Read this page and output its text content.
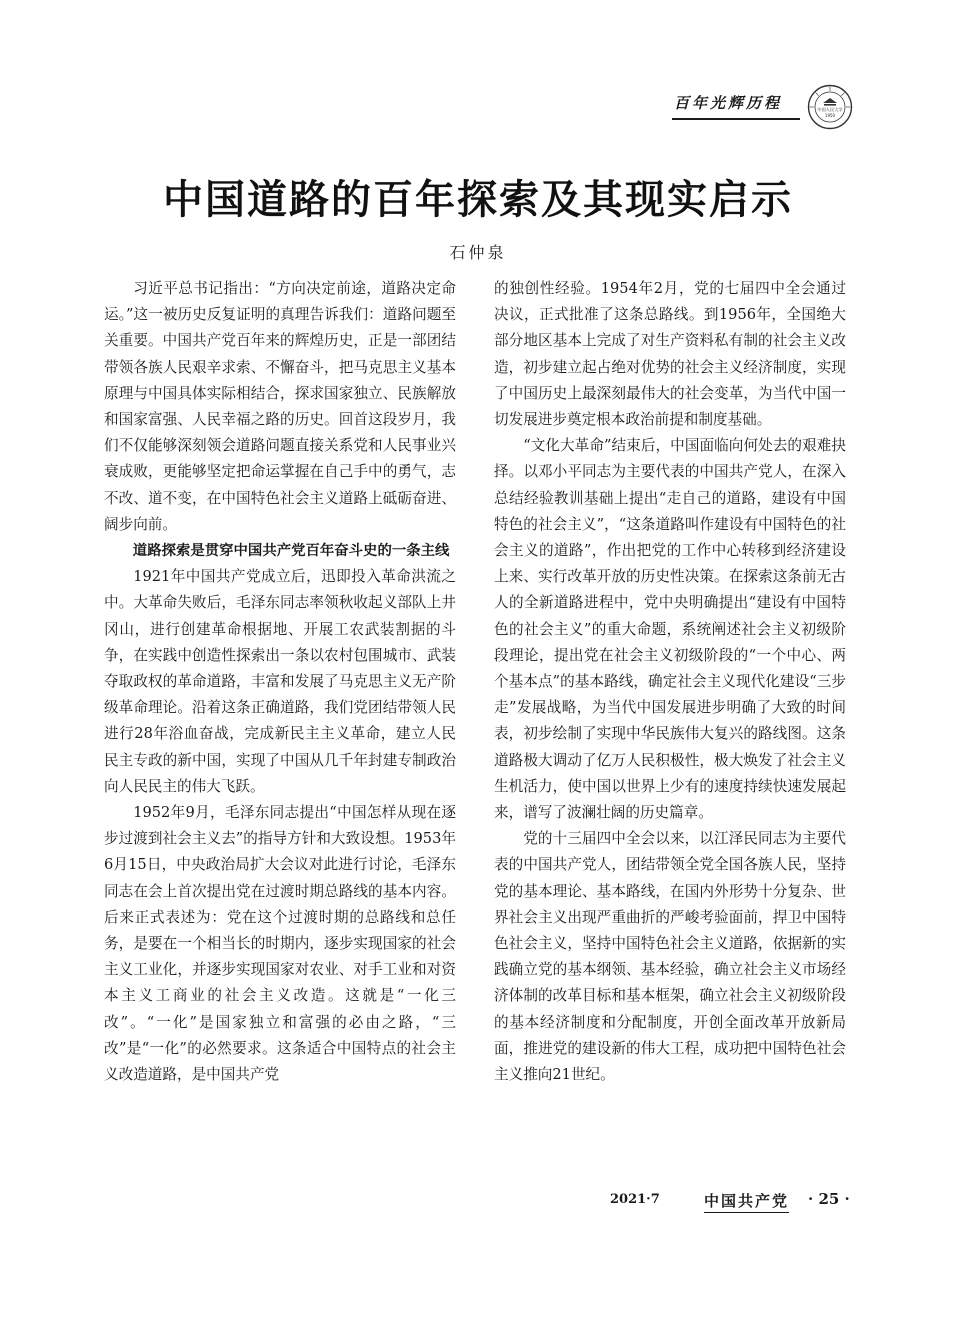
百年光辉历程	中国人民大学
1950
中国道路的百年探索及其现实启示
石仲泉

习近平总书记指出：“方向决定前途，道路决定命运。”这一被历史反复证明的真理告诉我们：道路问题至关重要。中国共产党百年来的辉煌历史，正是一部团结带领各族人民艰辛求索、不懈奋斗，把马克思主义基本原理与中国具体实际相结合，探求国家独立、民族解放和国家富强、人民幸福之路的历史。回首这段岁月，我们不仅能够深刻领会道路问题直接关系党和人民事业兴衰成败，更能够坚定把命运掌握在自己手中的勇气，志不改、道不变，在中国特色社会主义道路上砥砺奋进、阔步向前。

道路探索是贯穿中国共产党百年奋斗史的一条主线

1921年中国共产党成立后，迅即投入革命洪流之中。大革命失败后，毛泽东同志率领秋收起义部队上井冈山，进行创建革命根据地、开展工农武装割据的斗争，在实践中创造性探索出一条以农村包围城市、武装夺取政权的革命道路，丰富和发展了马克思主义无产阶级革命理论。沿着这条正确道路，我们党团结带领人民进行28年浴血奋战，完成新民主主义革命，建立人民民主专政的新中国，实现了中国从几千年封建专制政治向人民民主的伟大飞跃。

1952年9月，毛泽东同志提出“中国怎样从现在逐步过渡到社会主义去”的指导方针和大致设想。1953年6月15日，中央政治局扩大会议对此进行讨论，毛泽东同志在会上首次提出党在过渡时期总路线的基本内容。后来正式表述为：党在这个过渡时期的总路线和总任务，是要在一个相当长的时期内，逐步实现国家的社会主义工业化，并逐步实现国家对农业、对手工业和对资本主义工商业的社会主义改造。这就是“一化三改”。“一化”是国家独立和富强的必由之路，“三改”是“一化”的必然要求。这条适合中国特点的社会主义改造道路，是中国共产党

的独创性经验。1954年2月，党的七届四中全会通过决议，正式批准了这条总路线。到1956年，全国绝大部分地区基本上完成了对生产资料私有制的社会主义改造，初步建立起占绝对优势的社会主义经济制度，实现了中国历史上最深刻最伟大的社会变革，为当代中国一切发展进步奠定根本政治前提和制度基础。

“文化大革命”结束后，中国面临向何处去的艰难抉择。以邓小平同志为主要代表的中国共产党人，在深入总结经验教训基础上提出“走自己的道路，建设有中国特色的社会主义”，“这条道路叫作建设有中国特色的社会主义的道路”，作出把党的工作中心转移到经济建设上来、实行改革开放的历史性决策。在探索这条前无古人的全新道路进程中，党中央明确提出“建设有中国特色的社会主义”的重大命题，系统阐述社会主义初级阶段理论，提出党在社会主义初级阶段的“一个中心、两个基本点”的基本路线，确定社会主义现代化建设“三步走”发展战略，为当代中国发展进步明确了大致的时间表，初步绘制了实现中华民族伟大复兴的路线图。这条道路极大调动了亿万人民积极性，极大焕发了社会主义生机活力，使中国以世界上少有的速度持续快速发展起来，谱写了波澜壮阔的历史篇章。

党的十三届四中全会以来，以江泽民同志为主要代表的中国共产党人，团结带领全党全国各族人民，坚持党的基本理论、基本路线，在国内外形势十分复杂、世界社会主义出现严重曲折的严峻考验面前，捍卫中国特色社会主义，坚持中国特色社会主义道路，依据新的实践确立党的基本纲领、基本经验，确立社会主义市场经济体制的改革目标和基本框架，确立社会主义初级阶段的基本经济制度和分配制度，开创全面改革开放新局面，推进党的建设新的伟大工程，成功把中国特色社会主义推向21世纪。

2021·7	中国共产党 · 25 ·
